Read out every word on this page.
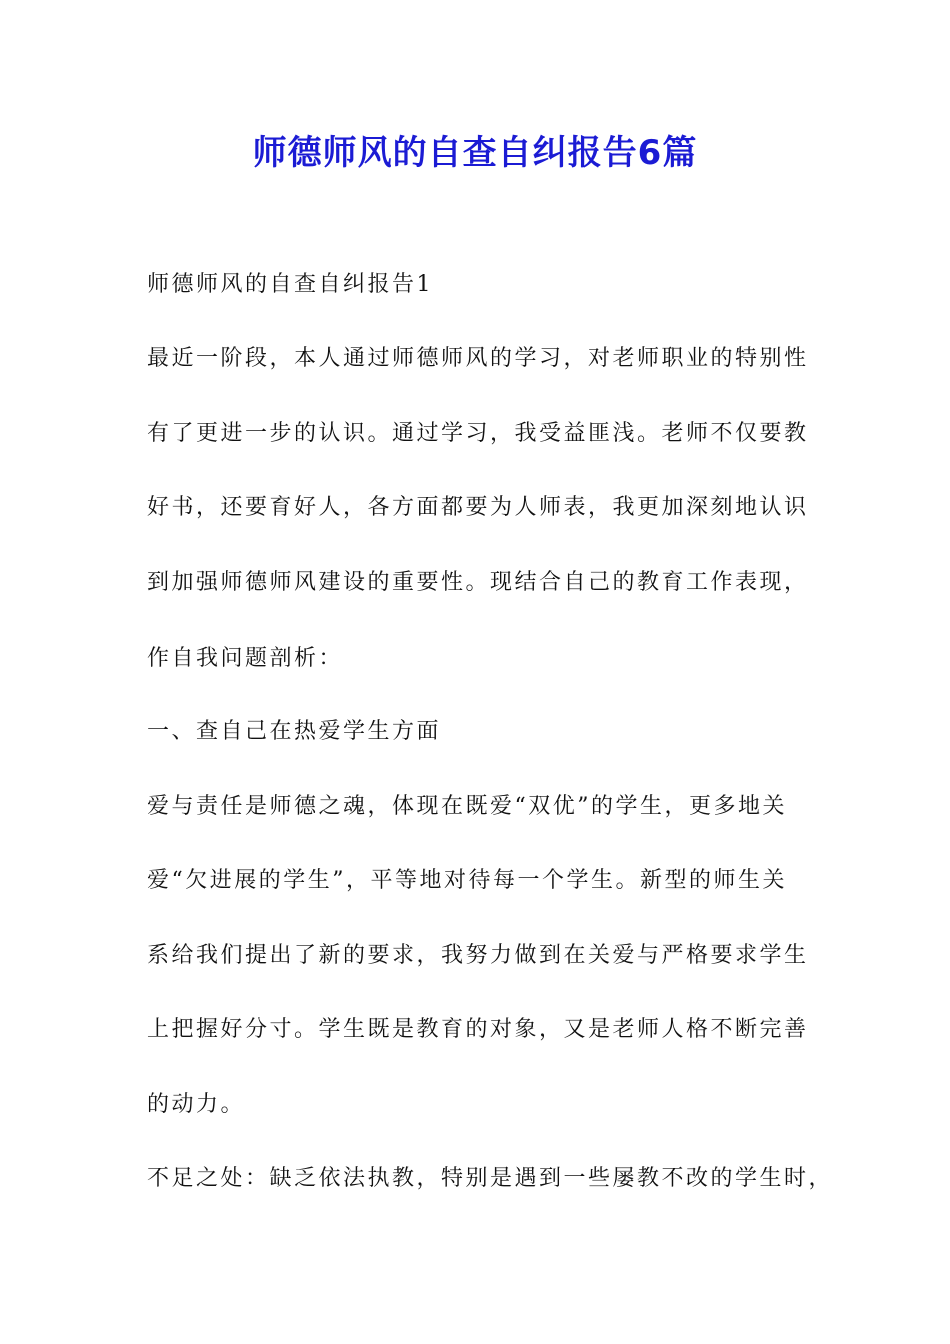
师德师风的自查自纠报告6篇

师德师风的自查自纠报告1

最近一阶段，本人通过师德师风的学习，对老师职业的特别性

有了更进一步的认识。通过学习，我受益匪浅。老师不仅要教

好书，还要育好人，各方面都要为人师表，我更加深刻地认识

到加强师德师风建设的重要性。现结合自己的教育工作表现，

作自我问题剖析：

一、查自己在热爱学生方面

爱与责任是师德之魂，体现在既爱“双优”的学生，更多地关

爱“欠进展的学生”，平等地对待每一个学生。新型的师生关

系给我们提出了新的要求，我努力做到在关爱与严格要求学生

上把握好分寸。学生既是教育的对象，又是老师人格不断完善

的动力。

不足之处：缺乏依法执教，特别是遇到一些屡教不改的学生时，
